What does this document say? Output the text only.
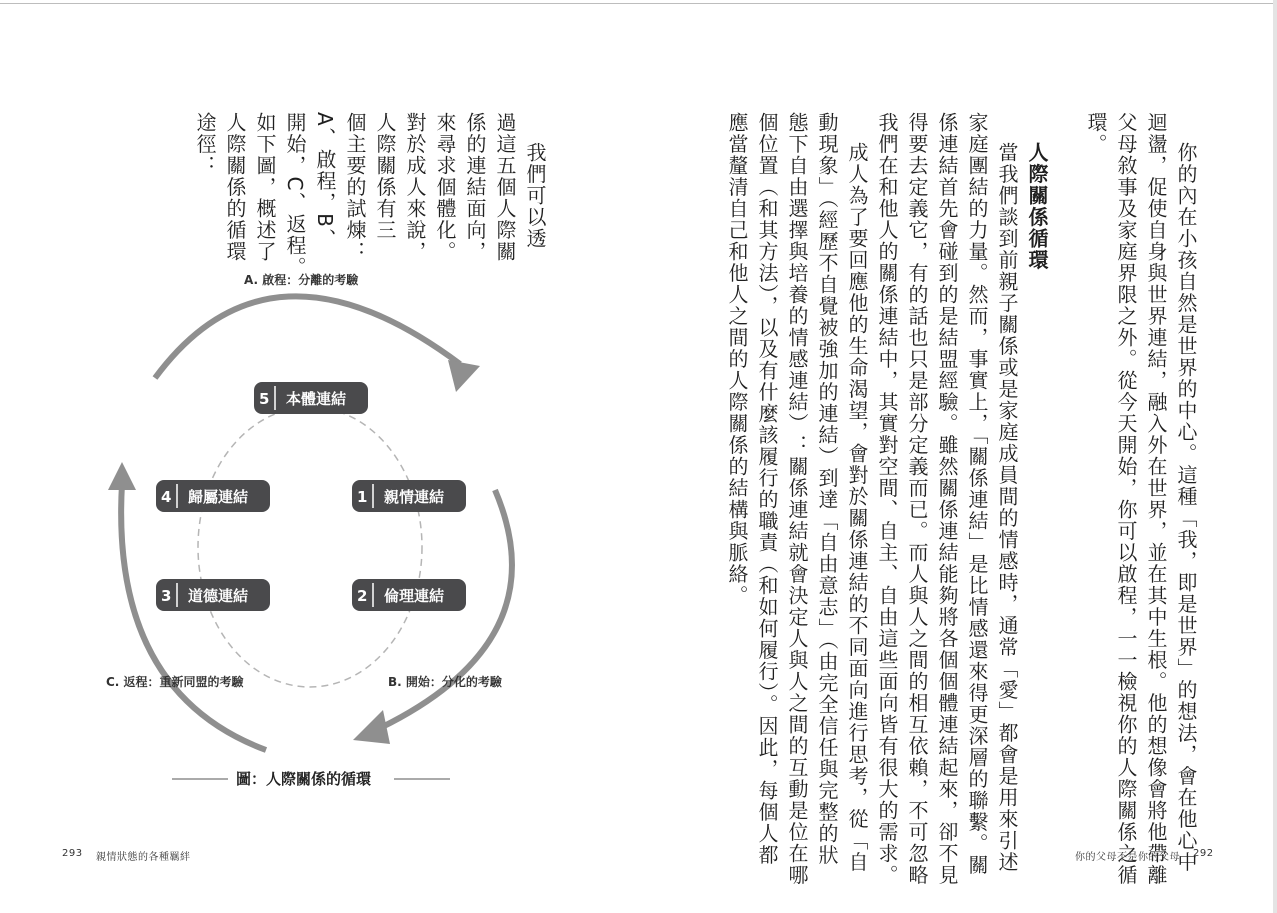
你的內在小孩自然是世界的中心。這種「我，即是世界」的想法，會在他心中
迴盪，促使自身與世界連結，融入外在世界，並在其中生根。他的想像會將他帶離
父母敘事及家庭界限之外。從今天開始，你可以啟程，一一檢視你的人際關係之循
環。
人際關係循環
當我們談到前親子關係或是家庭成員間的情感時，通常「愛」都會是用來引述
家庭團結的力量。然而，事實上，「關係連結」是比情感還來得更深層的聯繫。關
係連結首先會碰到的是結盟經驗。雖然關係連結能夠將各個個體連結起來，卻不見
得要去定義它，有的話也只是部分定義而已。而人與人之間的相互依賴，不可忽略
我們在和他人的關係連結中，其實對空間、自主、自由這些面向皆有很大的需求。
成人為了要回應他的生命渴望，會對於關係連結的不同面向進行思考，從「自
動現象」（經歷不自覺被強加的連結）到達「自由意志」（由完全信任與完整的狀
態下自由選擇與培養的情感連結）：關係連結就會決定人與人之間的互動是位在哪
個位置（和其方法），以及有什麼該履行的職責（和如何履行）。因此，每個人都
應當釐清自己和他人之間的人際關係的結構與脈絡。
你的父母不是你的父母 292
我們可以透
過這五個人際關
係的連結面向，
來尋求個體化。
對於成人來說，
人際關係有三
個主要的試煉：
A、啟程，B、
開始，C、返程。
如下圖，概述了
人際關係的循環
途徑：
A. 啟程：分離的考驗
B. 開始：分化的考驗
C. 返程：重新同盟的考驗
5 本體連結
4 歸屬連結	1 親情連結
3 道德連結	2 倫理連結
圖：人際關係的循環
293 親情狀態的各種羈絆
